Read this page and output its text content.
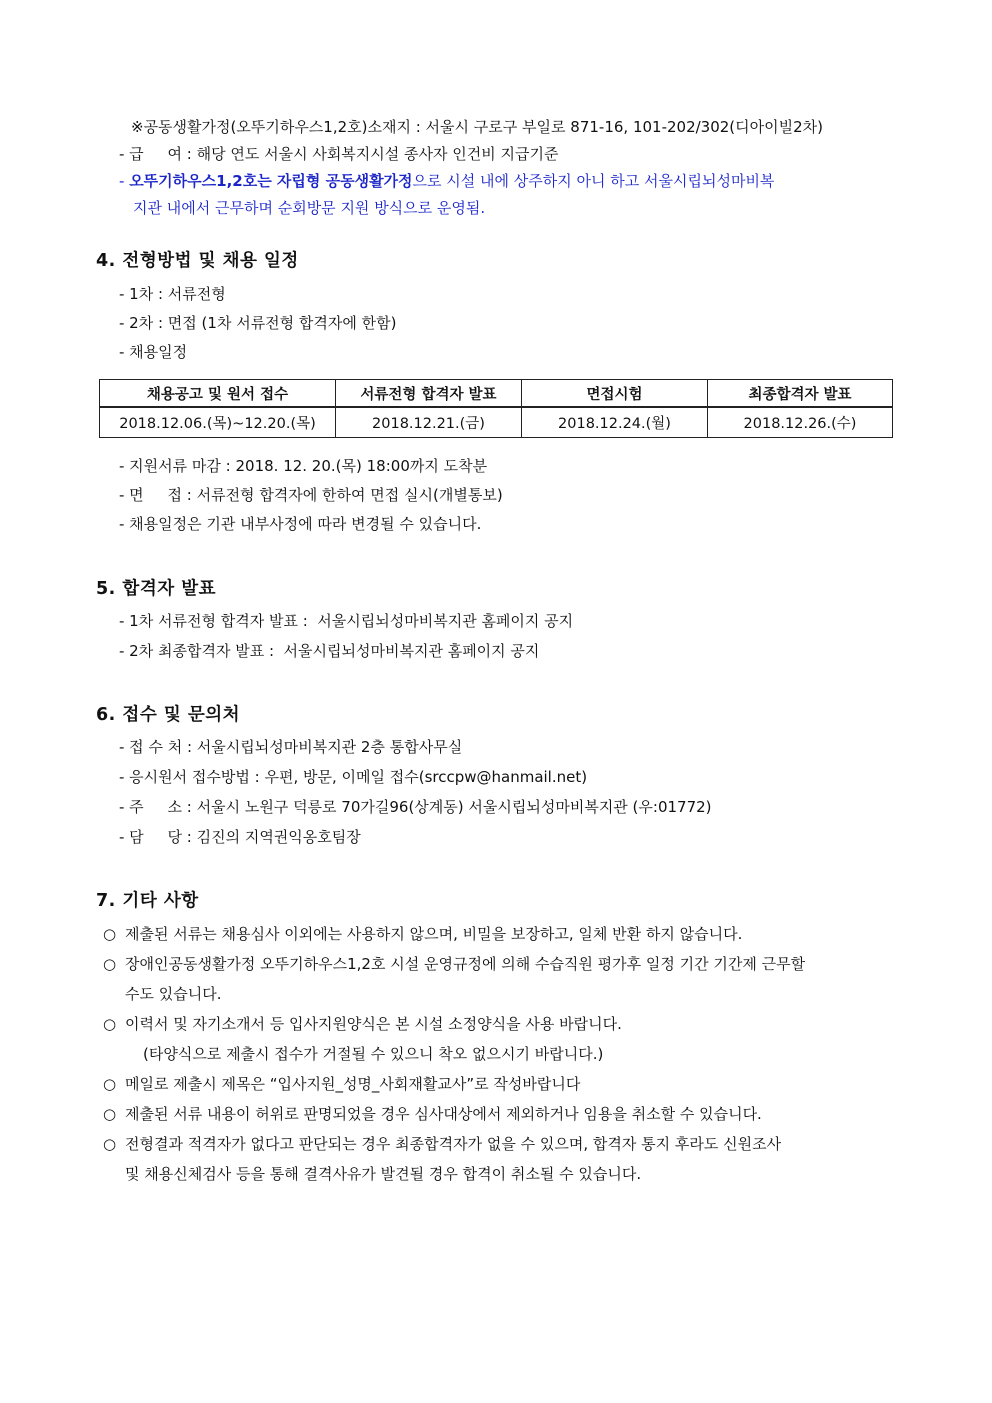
※공동생활가정(오뚜기하우스1,2호)소재지 : 서울시 구로구 부일로 871-16, 101-202/302(디아이빌2차)
- 급     여 : 해당 연도 서울시 사회복지시설 종사자 인건비 지급기준
- 오뚜기하우스1,2호는 자립형 공동생활가정으로 시설 내에 상주하지 아니 하고 서울시립뇌성마비복
지관 내에서 근무하며 순회방문 지원 방식으로 운영됨.
4. 전형방법 및 채용 일정
- 1차 : 서류전형
- 2차 : 면접 (1차 서류전형 합격자에 한함)
- 채용일정
채용공고 및 원서 접수	서류전형 합격자 발표	면접시험	최종합격자 발표
2018.12.06.(목)~12.20.(목)	2018.12.21.(금)	2018.12.24.(월)	2018.12.26.(수)
- 지원서류 마감 : 2018. 12. 20.(목) 18:00까지 도착분
- 면     접 : 서류전형 합격자에 한하여 면접 실시(개별통보)
- 채용일정은 기관 내부사정에 따라 변경될 수 있습니다.
5. 합격자 발표
- 1차 서류전형 합격자 발표 :  서울시립뇌성마비복지관 홈페이지 공지
- 2차 최종합격자 발표 :  서울시립뇌성마비복지관 홈페이지 공지
6. 접수 및 문의처
- 접 수 처 : 서울시립뇌성마비복지관 2층 통합사무실
- 응시원서 접수방법 : 우편, 방문, 이메일 접수(srccpw@hanmail.net)
- 주     소 : 서울시 노원구 덕릉로 70가길96(상계동) 서울시립뇌성마비복지관 (우:01772)
- 담     당 : 김진의 지역권익옹호팀장
7. 기타 사항
○ 제출된 서류는 채용심사 이외에는 사용하지 않으며, 비밀을 보장하고, 일체 반환 하지 않습니다.
○ 장애인공동생활가정 오뚜기하우스1,2호 시설 운영규정에 의해 수습직원 평가후 일정 기간 기간제 근무할
수도 있습니다.
○ 이력서 및 자기소개서 등 입사지원양식은 본 시설 소정양식을 사용 바랍니다.
(타양식으로 제출시 접수가 거절될 수 있으니 착오 없으시기 바랍니다.)
○ 메일로 제출시 제목은 “입사지원_성명_사회재활교사”로 작성바랍니다
○ 제출된 서류 내용이 허위로 판명되었을 경우 심사대상에서 제외하거나 임용을 취소할 수 있습니다.
○ 전형결과 적격자가 없다고 판단되는 경우 최종합격자가 없을 수 있으며, 합격자 통지 후라도 신원조사
및 채용신체검사 등을 통해 결격사유가 발견될 경우 합격이 취소될 수 있습니다.
